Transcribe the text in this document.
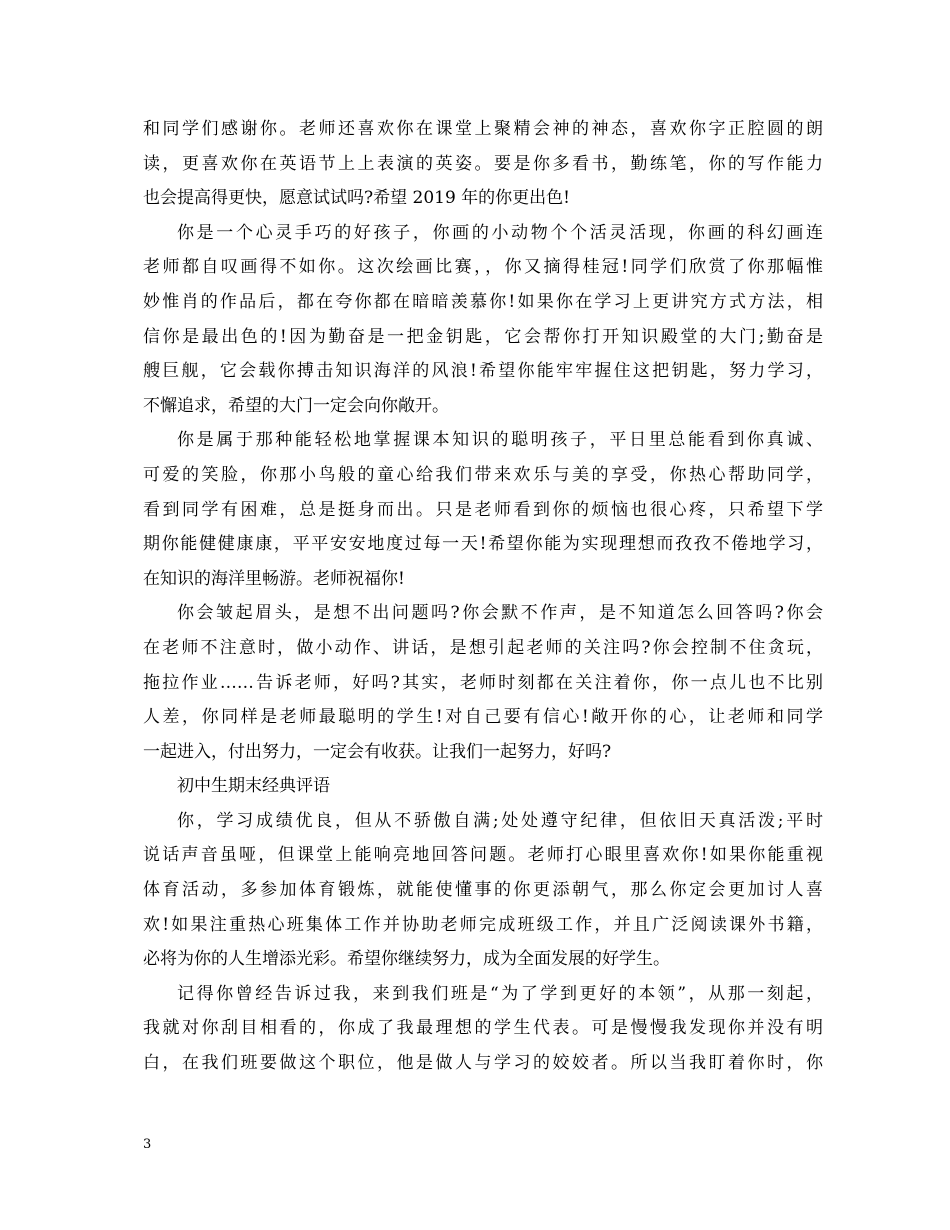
和同学们感谢你。老师还喜欢你在课堂上聚精会神的神态，喜欢你字正腔圆的朗
读，更喜欢你在英语节上上表演的英姿。要是你多看书，勤练笔，你的写作能力
也会提高得更快，愿意试试吗?希望 2019 年的你更出色!
你是一个心灵手巧的好孩子，你画的小动物个个活灵活现，你画的科幻画连
老师都自叹画得不如你。这次绘画比赛，，你又摘得桂冠!同学们欣赏了你那幅惟
妙惟肖的作品后，都在夸你都在暗暗羡慕你!如果你在学习上更讲究方式方法，相
信你是最出色的!因为勤奋是一把金钥匙，它会帮你打开知识殿堂的大门;勤奋是
艘巨舰，它会载你搏击知识海洋的风浪!希望你能牢牢握住这把钥匙，努力学习，
不懈追求，希望的大门一定会向你敞开。
你是属于那种能轻松地掌握课本知识的聪明孩子，平日里总能看到你真诚、
可爱的笑脸，你那小鸟般的童心给我们带来欢乐与美的享受，你热心帮助同学，
看到同学有困难，总是挺身而出。只是老师看到你的烦恼也很心疼，只希望下学
期你能健健康康，平平安安地度过每一天!希望你能为实现理想而孜孜不倦地学习，
在知识的海洋里畅游。老师祝福你!
你会皱起眉头，是想不出问题吗?你会默不作声，是不知道怎么回答吗?你会
在老师不注意时，做小动作、讲话，是想引起老师的关注吗?你会控制不住贪玩，
拖拉作业……告诉老师，好吗?其实，老师时刻都在关注着你，你一点儿也不比别
人差，你同样是老师最聪明的学生!对自己要有信心!敞开你的心，让老师和同学
一起进入，付出努力，一定会有收获。让我们一起努力，好吗?
初中生期末经典评语
你，学习成绩优良，但从不骄傲自满;处处遵守纪律，但依旧天真活泼;平时
说话声音虽哑，但课堂上能响亮地回答问题。老师打心眼里喜欢你!如果你能重视
体育活动，多参加体育锻炼，就能使懂事的你更添朝气，那么你定会更加讨人喜
欢!如果注重热心班集体工作并协助老师完成班级工作，并且广泛阅读课外书籍，
必将为你的人生增添光彩。希望你继续努力，成为全面发展的好学生。
记得你曾经告诉过我，来到我们班是“为了学到更好的本领”，从那一刻起，
我就对你刮目相看的，你成了我最理想的学生代表。可是慢慢我发现你并没有明
白，在我们班要做这个职位，他是做人与学习的姣姣者。所以当我盯着你时，你
3
